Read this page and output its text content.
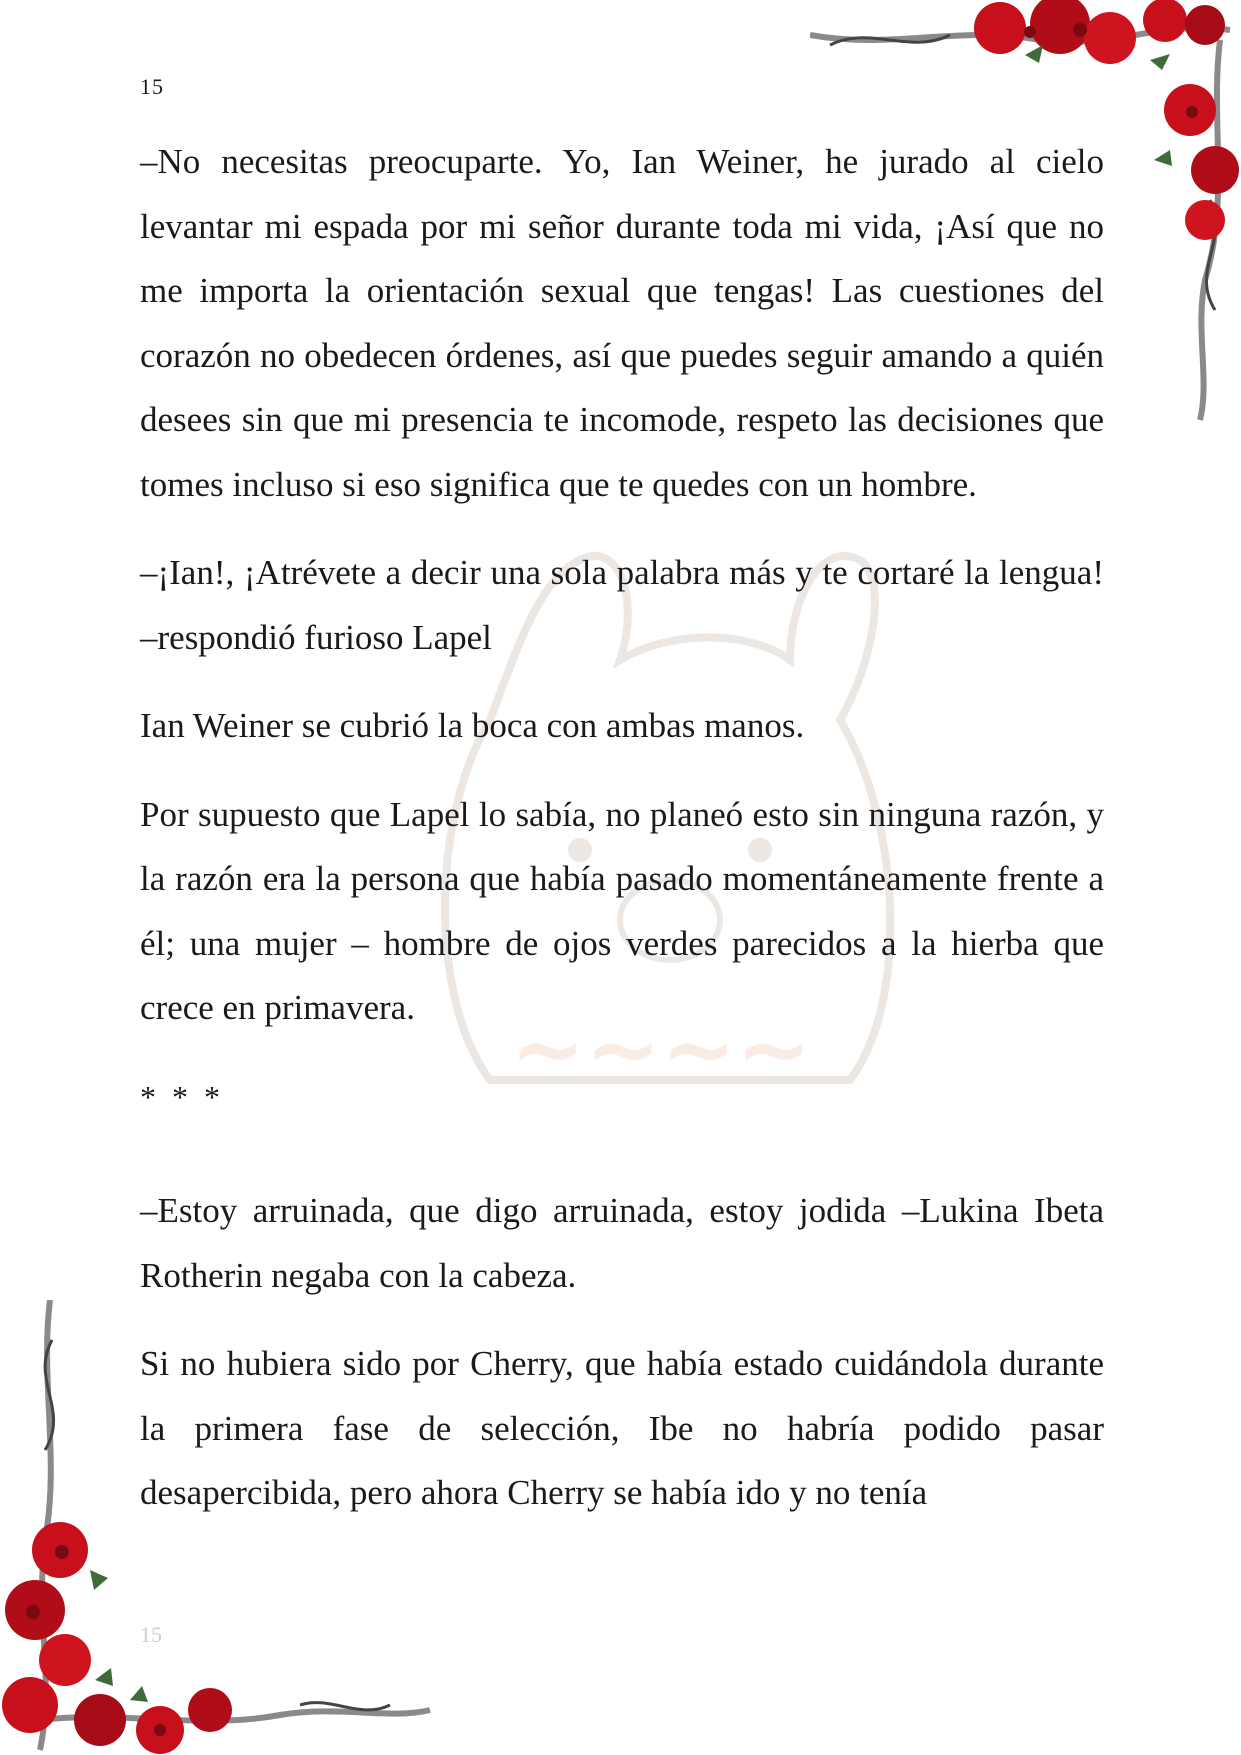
15
~~~~

–No necesitas preocuparte. Yo, Ian Weiner, he jurado al cielo levantar mi espada por mi señor durante toda mi vida, ¡Así que no me importa la orientación sexual que tengas! Las cuestiones del corazón no obedecen órdenes, así que puedes seguir amando a quién desees sin que mi presencia te incomode, respeto las decisiones que tomes incluso si eso significa que te quedes con un hombre.

–¡Ian!, ¡Atrévete a decir una sola palabra más y te cortaré la lengua! –respondió furioso Lapel

Ian Weiner se cubrió la boca con ambas manos.

Por supuesto que Lapel lo sabía, no planeó esto sin ninguna razón, y la razón era la persona que había pasado momentáneamente frente a él; una mujer – hombre de ojos verdes parecidos a la hierba que crece en primavera.

* * *

–Estoy arruinada, que digo arruinada, estoy jodida –Lukina Ibeta Rotherin negaba con la cabeza.

Si no hubiera sido por Cherry, que había estado cuidándola durante la primera fase de selección, Ibe no habría podido pasar desapercibida, pero ahora Cherry se había ido y no tenía

15
